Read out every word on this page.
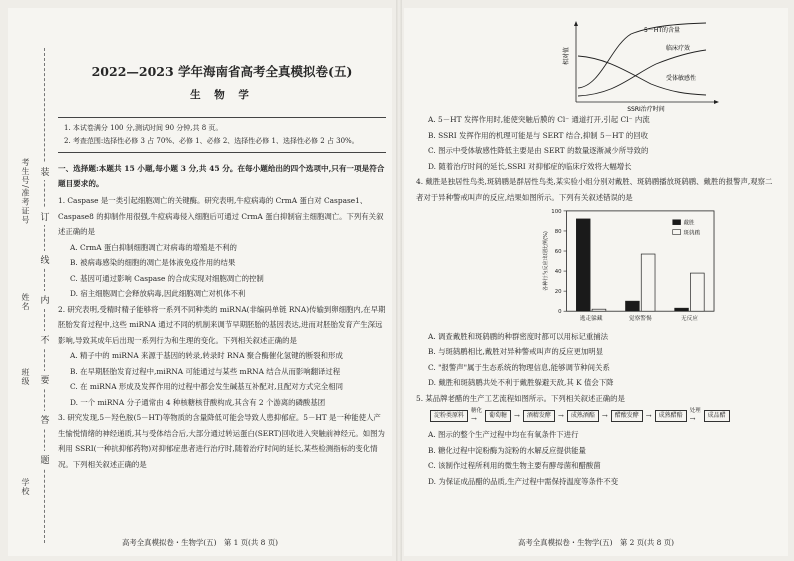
考生号/准考证号
姓名
班级
学校
装
订
线
内
不
要
答
题
2022—2023 学年海南省高考全真模拟卷(五)
生 物 学
1. 本试卷满分 100 分,测试时间 90 分钟,共 8 页。
2. 考查范围:选择性必修 3 占 70%、必修 1、必修 2、选择性必修 1、选择性必修 2 占 30%。
一、选择题:本题共 15 小题,每小题 3 分,共 45 分。在每小题给出的四个选项中,只有一项是符合题目要求的。

1. Caspase 是一类引起细胞凋亡的关键酶。研究表明,牛痘病毒的 CrmA 蛋白对 Caspase1、Caspase8 的抑制作用很强,牛痘病毒侵入细胞后可通过 CrmA 蛋白抑制宿主细胞凋亡。下列有关叙述正确的是

A. CrmA 蛋白抑制细胞凋亡对病毒的增殖是不利的

B. 被病毒感染的细胞的凋亡是体液免疫作用的结果

C. 基因可通过影响 Caspase 的合成实现对细胞凋亡的控制

D. 宿主细胞凋亡会释放病毒,因此细胞凋亡对机体不利

2. 研究表明,受精时精子能够将一系列不同种类的 miRNA(非编码单链 RNA)传输到卵细胞内,在早期胚胎发育过程中,这些 miRNA 通过不同的机制来调节早期胚胎的基因表达,进而对胚胎发育产生深远影响,导致其成年后出现一系列行为和生理的变化。下列相关叙述正确的是

A. 精子中的 miRNA 来源于基因的转录,转录时 RNA 聚合酶催化氢键的断裂和形成

B. 在早期胚胎发育过程中,miRNA 可能通过与某些 mRNA 结合从而影响翻译过程

C. 在 miRNA 形成及发挥作用的过程中都会发生碱基互补配对,且配对方式完全相同

D. 一个 miRNA 分子通常由 4 种核糖核苷酸构成,其含有 2 个游离的磷酸基团

3. 研究发现,5－羟色胺(5－HT)等物质的含量降低可能会导致人患抑郁症。5－HT 是一种能使人产生愉悦情绪的神经递质,其与受体结合后,大部分通过转运蛋白(SERT)回收进入突触前神经元。如图为利用 SSRI(一种抗抑郁药物)对抑郁症患者进行治疗时,随着治疗时间的延长,某些检测指标的变化情况。下列相关叙述正确的是

高考全真模拟卷・生物学(五)　第 1 页(共 8 页)
相对值
SSRI治疗时间
5－HT的含量
临床疗效
受体敏感性

A. 5－HT 发挥作用时,能使突触后膜的 Cl⁻ 通道打开,引起 Cl⁻ 内流

B. SSRI 发挥作用的机理可能是与 SERT 结合,抑制 5－HT 的回收

C. 图示中受体敏感性降低主要是由 SERT 的数量逐渐减少所导致的

D. 随着治疗时间的延长,SSRI 对抑郁症的临床疗效将大幅增长

4. 戴胜是独居性鸟类,斑鸫鹛是群居性鸟类,某实验小组分别对戴胜、斑鸫鹛播放斑鸫鹛、戴胜的报警声,观察二者对于异种警戒叫声的反应,结果如图所示。下列有关叙述错误的是

0
20
40
60
80
100
各种行为反应出现比例(%)
逃走躲藏	觉察警惕	无反应
戴胜
斑鸫鹛

A. 调查戴胜和斑鸫鹛的种群密度时都可以用标记重捕法

B. 与斑鸫鹛相比,戴胜对异种警戒叫声的反应更加明显

C. "报警声"属于生态系统的物理信息,能够调节种间关系

D. 戴胜和斑鸫鹛共处不利于戴胜躲避天敌,其 K 值会下降

5. 某品牌老醋的生产工艺流程如图所示。下列相关叙述正确的是

淀粉类原料
糖化
→	葡萄糖	→	酒精发酵	→	成熟酒醅	→	醋酸发酵	→	成熟醋醅
处理
→	成品醋

A. 图示的整个生产过程中均在有氧条件下进行

B. 糖化过程中淀粉酶为淀粉的水解反应提供能量

C. 该制作过程所利用的微生物主要有酵母菌和醋酸菌

D. 为保证成品醋的品质,生产过程中需保持温度等条件不变

高考全真模拟卷・生物学(五)　第 2 页(共 8 页)
